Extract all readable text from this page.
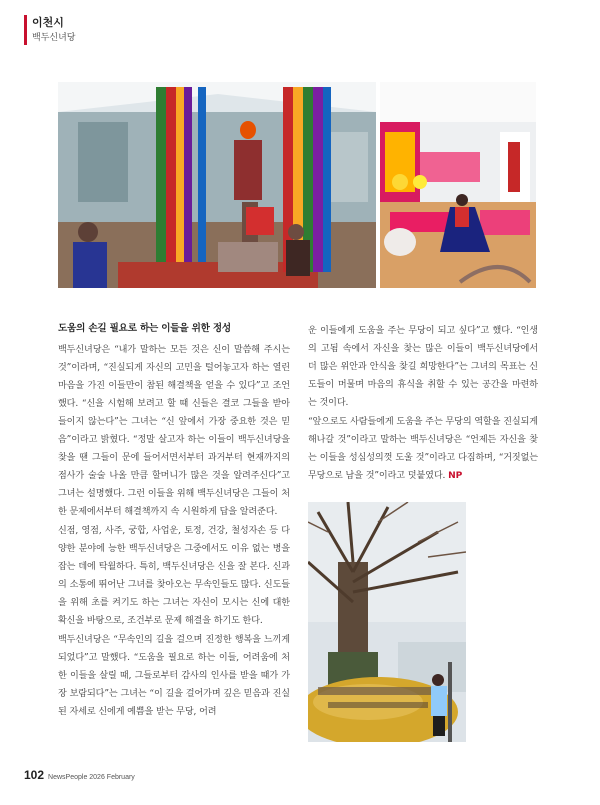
이천시
백두신녀당
도움의 손길 필요로 하는 이들을 위한 정성

백두신녀당은 “내가 말하는 모든 것은 신이 말씀해 주시는 것”이라며, “진실되게 자신의 고민을 털어놓고자 하는 열린 마음을 가진 이들만이 참된 해결책을 얻을 수 있다”고 조언했다. “신을 시험해 보려고 할 때 신들은 결코 그들을 받아들이지 않는다”는 그녀는 “신 앞에서 가장 중요한 것은 믿음”이라고 밝혔다. “정말 살고자 하는 이들이 백두신녀당을 찾을 땐 그들이 문에 들어서면서부터 과거부터 현재까지의 점사가 술술 나올 만큼 할머니가 많은 것을 알려주신다”고 그녀는 설명했다. 그런 이들을 위해 백두신녀당은 그들이 처한 문제에서부터 해결책까지 속 시원하게 답을 알려준다.

신점, 영점, 사주, 궁합, 사업운, 토정, 건강, 철성자손 등 다양한 분야에 능한 백두신녀당은 그중에서도 이유 없는 병을 잡는 데에 탁월하다. 특히, 백두신녀당은 신을 잘 본다. 신과의 소통에 뛰어난 그녀를 찾아오는 무속인들도 많다. 신도들을 위해 초를 켜기도 하는 그녀는 자신이 모시는 신에 대한 확신을 바탕으로, 조건부로 문제 해결을 하기도 한다.

백두신녀당은 “무속인의 길을 걸으며 진정한 행복을 느끼게 되었다”고 말했다. “도움을 필요로 하는 이들, 어려움에 처한 이들을 살릴 때, 그들로부터 감사의 인사를 받을 때가 가장 보람되다”는 그녀는 “이 길을 걸어가며 깊은 믿음과 진실된 자세로 신에게 예쁨을 받는 무당, 어려

운 이들에게 도움을 주는 무당이 되고 싶다”고 했다. “인생의 고됨 속에서 자신을 찾는 많은 이들이 백두신녀당에서 더 많은 위안과 안식을 찾길 희망한다”는 그녀의 목표는 신도들이 머물며 마음의 휴식을 취할 수 있는 공간을 마련하는 것이다.

“앞으로도 사람들에게 도움을 주는 무당의 역할을 진실되게 해나갈 것”이라고 말하는 백두신녀당은 “언제든 자신을 찾는 이들을 성심성의껏 도울 것”이라고 다짐하며, “거짓없는 무당으로 남을 것”이라고 덧붙였다. NP

102 NewsPeople 2026 February
